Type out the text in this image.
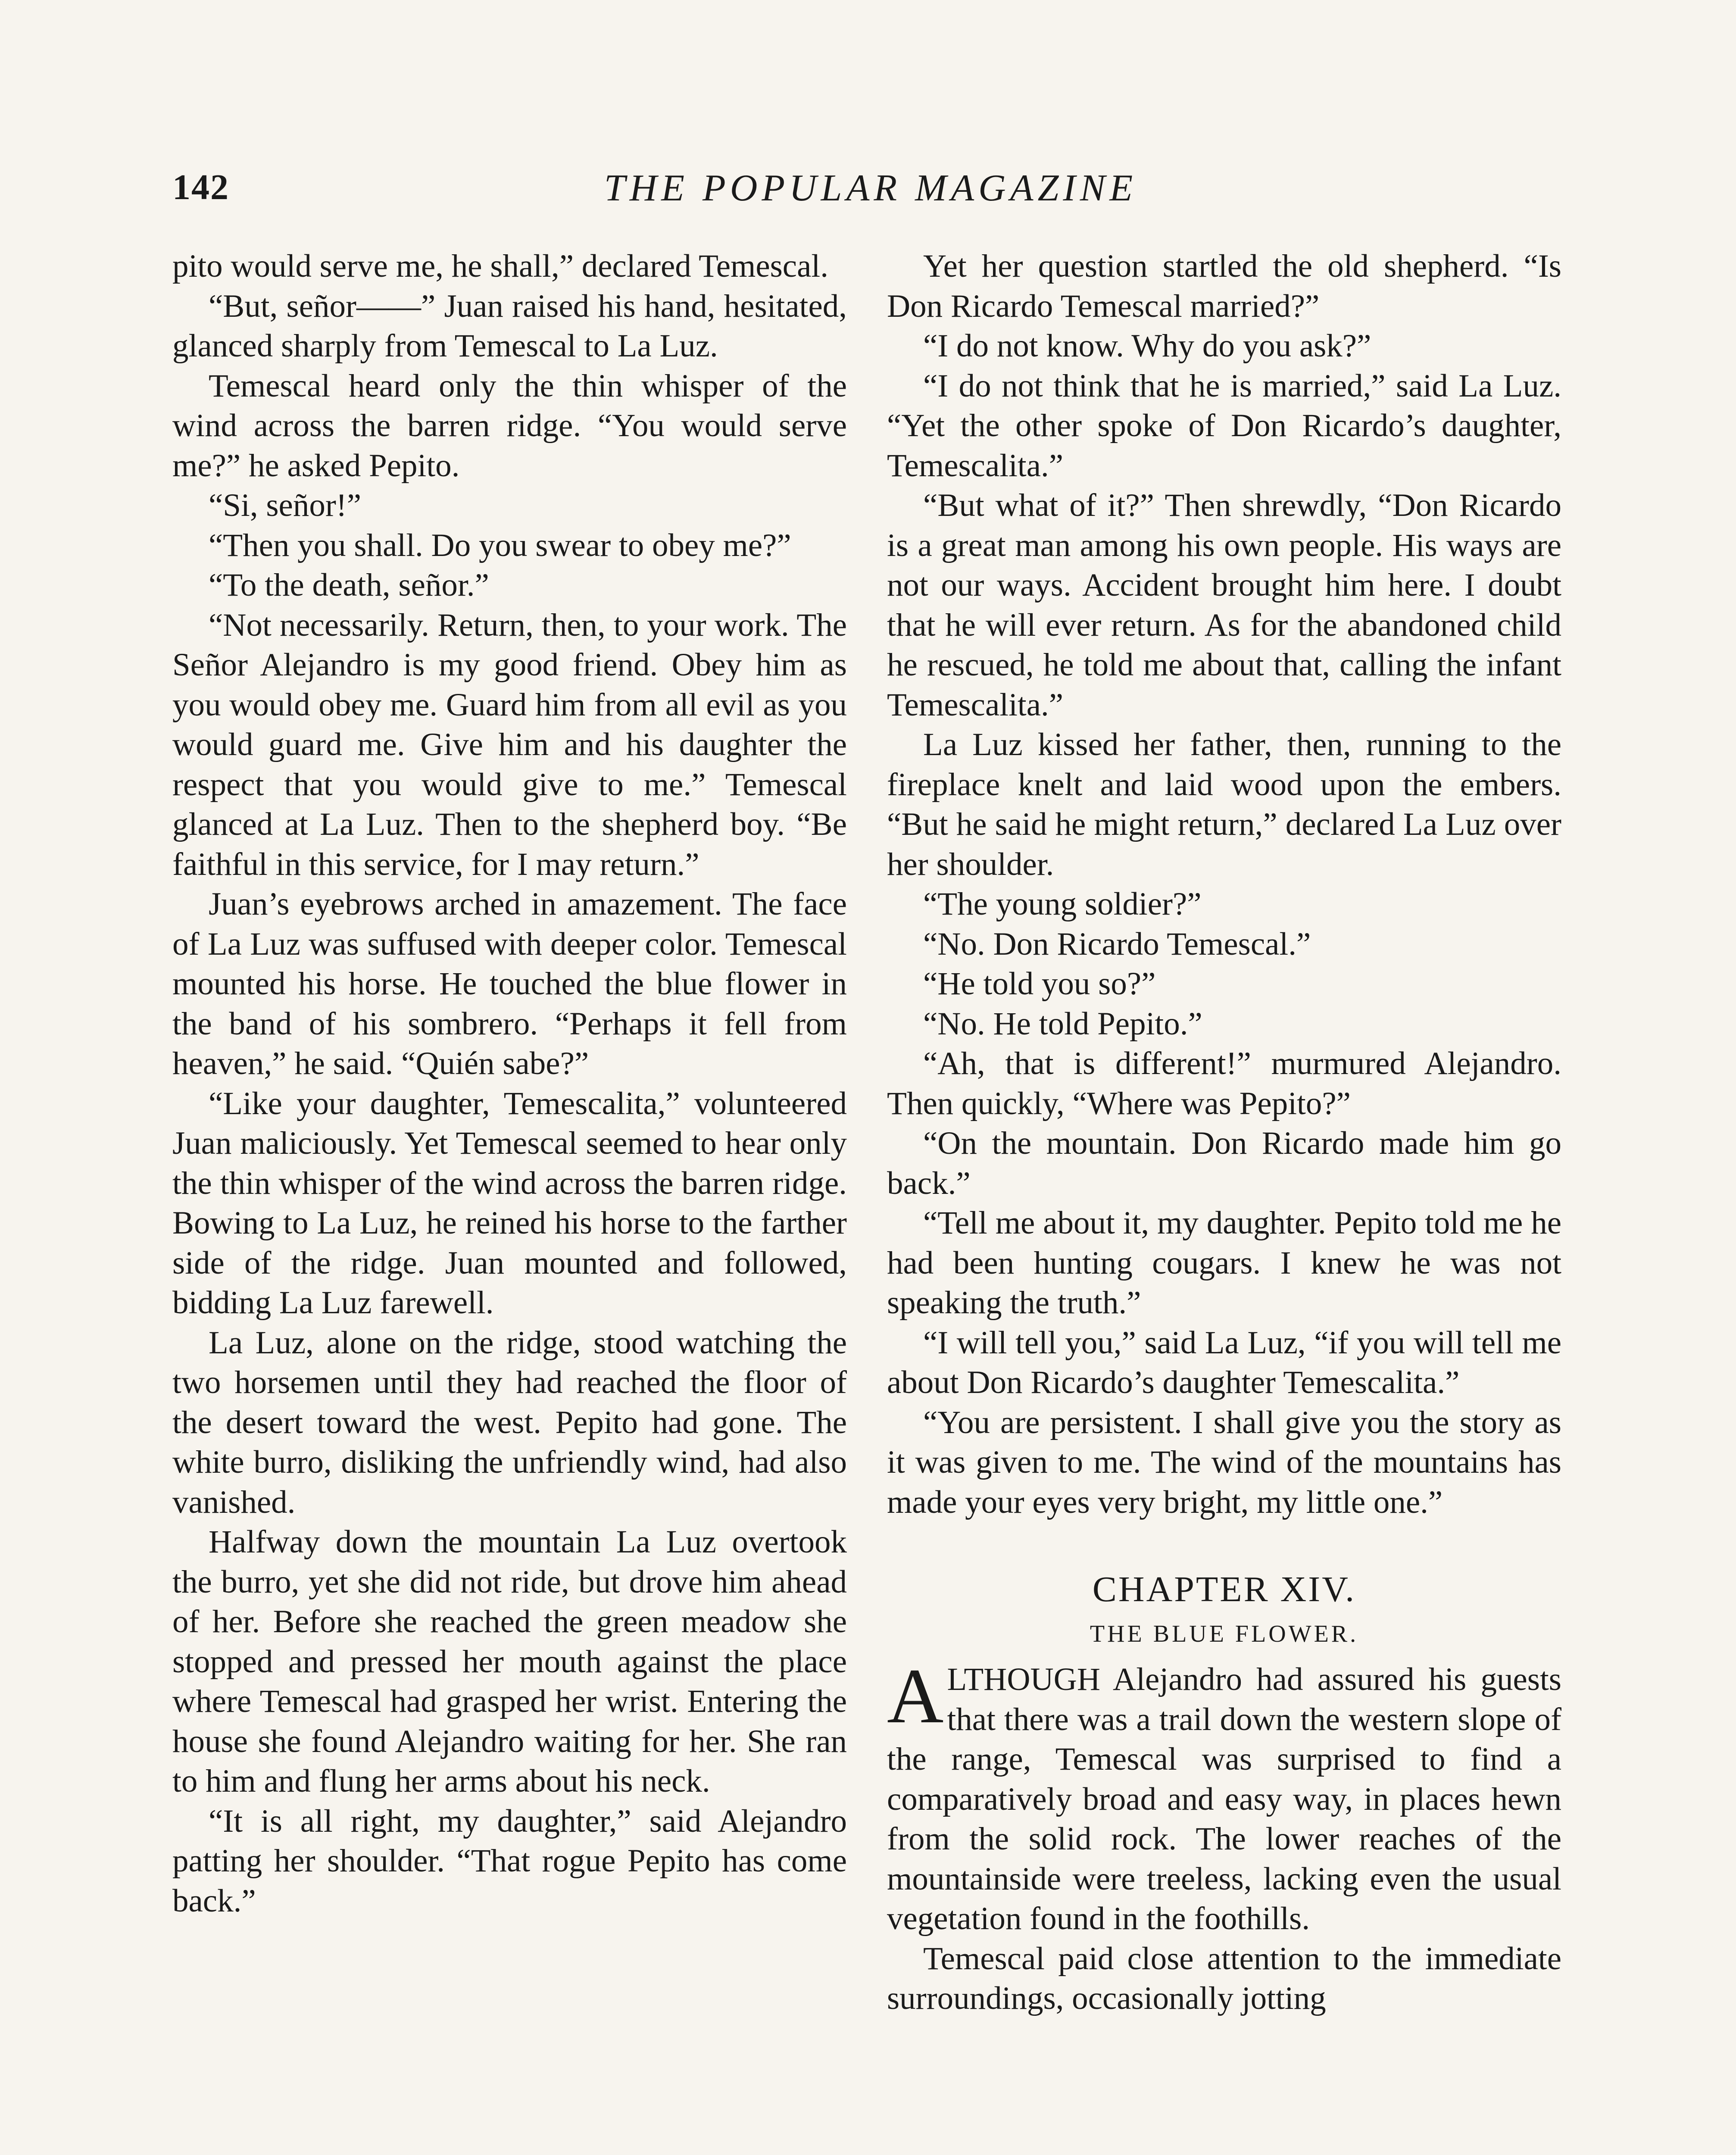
142	THE POPULAR MAGAZINE

pito would serve me, he shall,” declared Temescal.

“But, señor——” Juan raised his hand, hesitated, glanced sharply from Temescal to La Luz.

Temescal heard only the thin whisper of the wind across the barren ridge. “You would serve me?” he asked Pepito.

“Si, señor!”

“Then you shall. Do you swear to obey me?”

“To the death, señor.”

“Not necessarily. Return, then, to your work. The Señor Alejandro is my good friend. Obey him as you would obey me. Guard him from all evil as you would guard me. Give him and his daughter the respect that you would give to me.” Temescal glanced at La Luz. Then to the shepherd boy. “Be faithful in this service, for I may return.”

Juan’s eyebrows arched in amazement. The face of La Luz was suffused with deeper color. Temescal mounted his horse. He touched the blue flower in the band of his sombrero. “Perhaps it fell from heaven,” he said. “Quién sabe?”

“Like your daughter, Temescalita,” volunteered Juan maliciously. Yet Temescal seemed to hear only the thin whisper of the wind across the barren ridge. Bowing to La Luz, he reined his horse to the farther side of the ridge. Juan mounted and followed, bidding La Luz farewell.

La Luz, alone on the ridge, stood watching the two horsemen until they had reached the floor of the desert toward the west. Pepito had gone. The white burro, disliking the unfriendly wind, had also vanished.

Halfway down the mountain La Luz overtook the burro, yet she did not ride, but drove him ahead of her. Before she reached the green meadow she stopped and pressed her mouth against the place where Temescal had grasped her wrist. Entering the house she found Alejandro waiting for her. She ran to him and flung her arms about his neck.

“It is all right, my daughter,” said Alejandro patting her shoulder. “That rogue Pepito has come back.”

Yet her question startled the old shepherd. “Is Don Ricardo Temescal married?”

“I do not know. Why do you ask?”

“I do not think that he is married,” said La Luz. “Yet the other spoke of Don Ricardo’s daughter, Temescalita.”

“But what of it?” Then shrewdly, “Don Ricardo is a great man among his own people. His ways are not our ways. Accident brought him here. I doubt that he will ever return. As for the abandoned child he rescued, he told me about that, calling the infant Temescalita.”

La Luz kissed her father, then, running to the fireplace knelt and laid wood upon the embers. “But he said he might return,” declared La Luz over her shoulder.

“The young soldier?”

“No. Don Ricardo Temescal.”

“He told you so?”

“No. He told Pepito.”

“Ah, that is different!” murmured Alejandro. Then quickly, “Where was Pepito?”

“On the mountain. Don Ricardo made him go back.”

“Tell me about it, my daughter. Pepito told me he had been hunting cougars. I knew he was not speaking the truth.”

“I will tell you,” said La Luz, “if you will tell me about Don Ricardo’s daughter Temescalita.”

“You are persistent. I shall give you the story as it was given to me. The wind of the mountains has made your eyes very bright, my little one.”

CHAPTER XIV.
THE BLUE FLOWER.

ALTHOUGH Alejandro had assured his guests that there was a trail down the western slope of the range, Temescal was surprised to find a comparatively broad and easy way, in places hewn from the solid rock. The lower reaches of the mountainside were treeless, lacking even the usual vegetation found in the foothills.

Temescal paid close attention to the immediate surroundings, occasionally jotting
